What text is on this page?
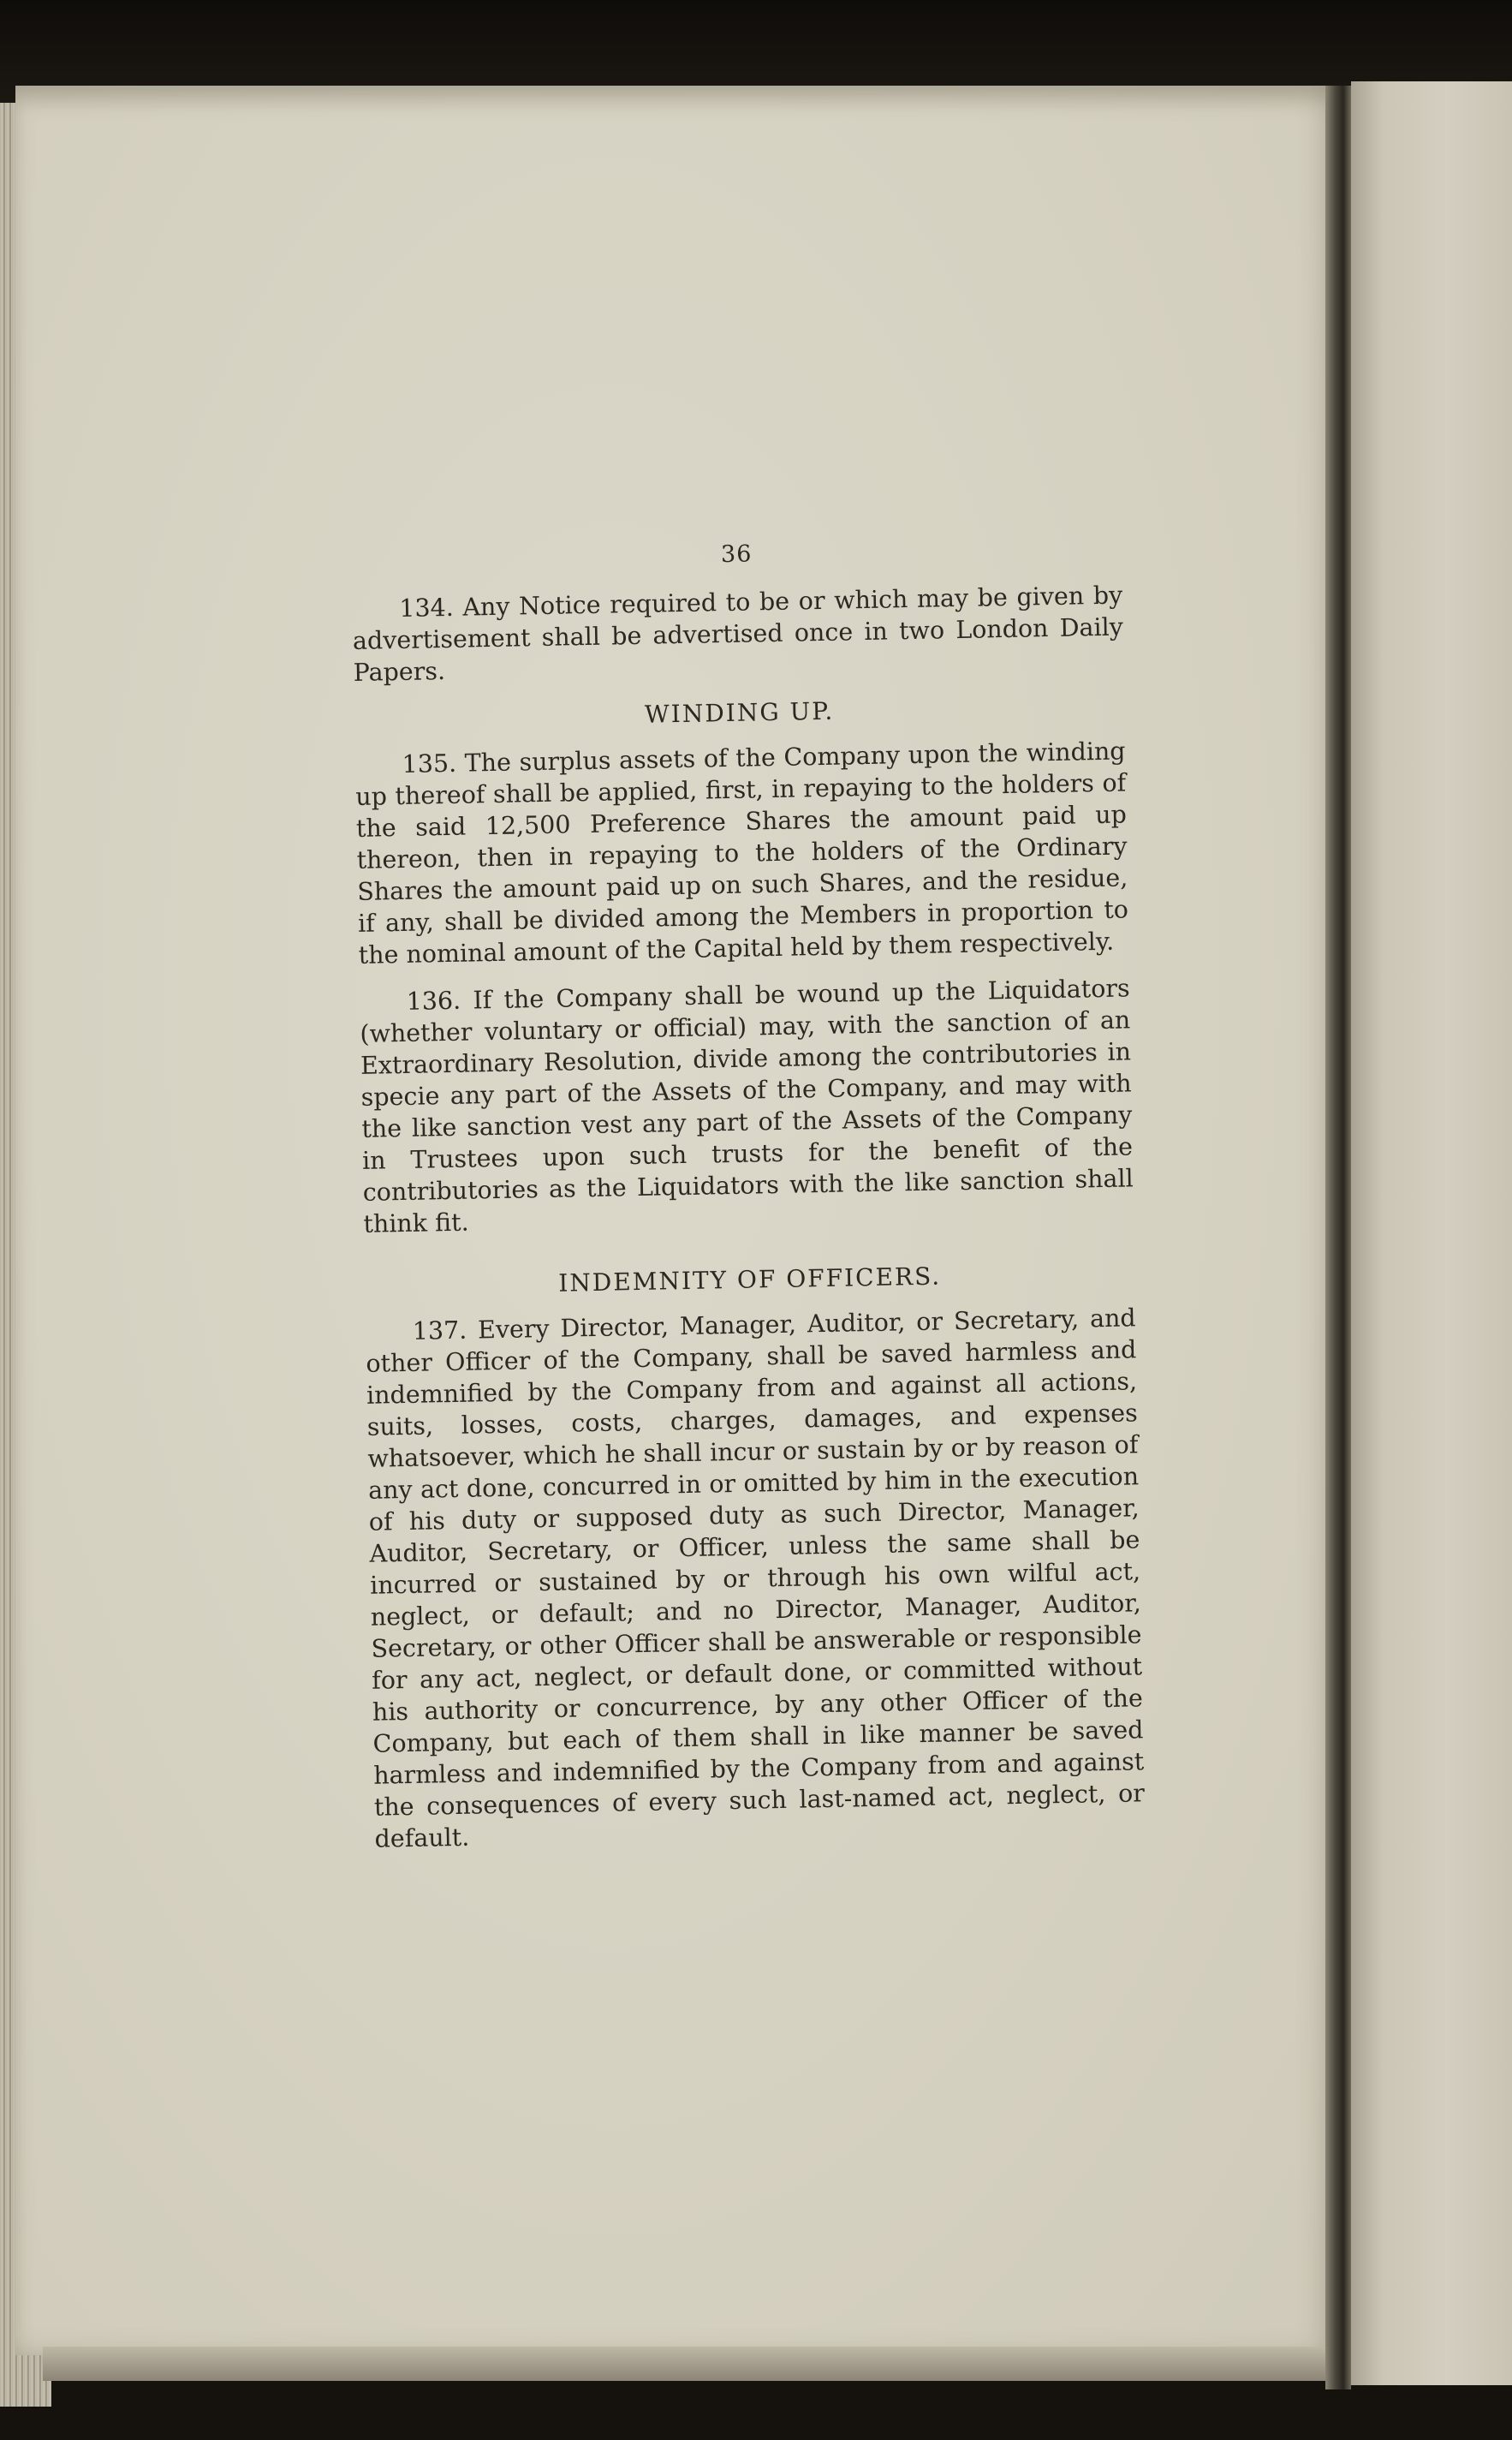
36

134. Any Notice required to be or which may be given by advertisement shall be advertised once in two London Daily Papers.

WINDING UP.

135. The surplus assets of the Company upon the winding up thereof shall be applied, first, in repaying to the holders of the said 12,500 Preference Shares the amount paid up thereon, then in repaying to the holders of the Ordinary Shares the amount paid up on such Shares, and the residue, if any, shall be divided among the Members in proportion to the nominal amount of the Capital held by them respectively.

136. If the Company shall be wound up the Liquidators (whether voluntary or official) may, with the sanction of an Extraordinary Resolution, divide among the contributories in specie any part of the Assets of the Company, and may with the like sanction vest any part of the Assets of the Company in Trustees upon such trusts for the benefit of the contributories as the Liquidators with the like sanction shall think fit.

INDEMNITY OF OFFICERS.

137. Every Director, Manager, Auditor, or Secretary, and other Officer of the Company, shall be saved harmless and indemnified by the Company from and against all actions, suits, losses, costs, charges, damages, and expenses whatsoever, which he shall incur or sustain by or by reason of any act done, concurred in or omitted by him in the execution of his duty or supposed duty as such Director, Manager, Auditor, Secretary, or Officer, unless the same shall be incurred or sustained by or through his own wilful act, neglect, or default; and no Director, Manager, Auditor, Secretary, or other Officer shall be answerable or responsible for any act, neglect, or default done, or committed without his authority or concurrence, by any other Officer of the Company, but each of them shall in like manner be saved harmless and indemnified by the Company from and against the consequences of every such last-named act, neglect, or default.
